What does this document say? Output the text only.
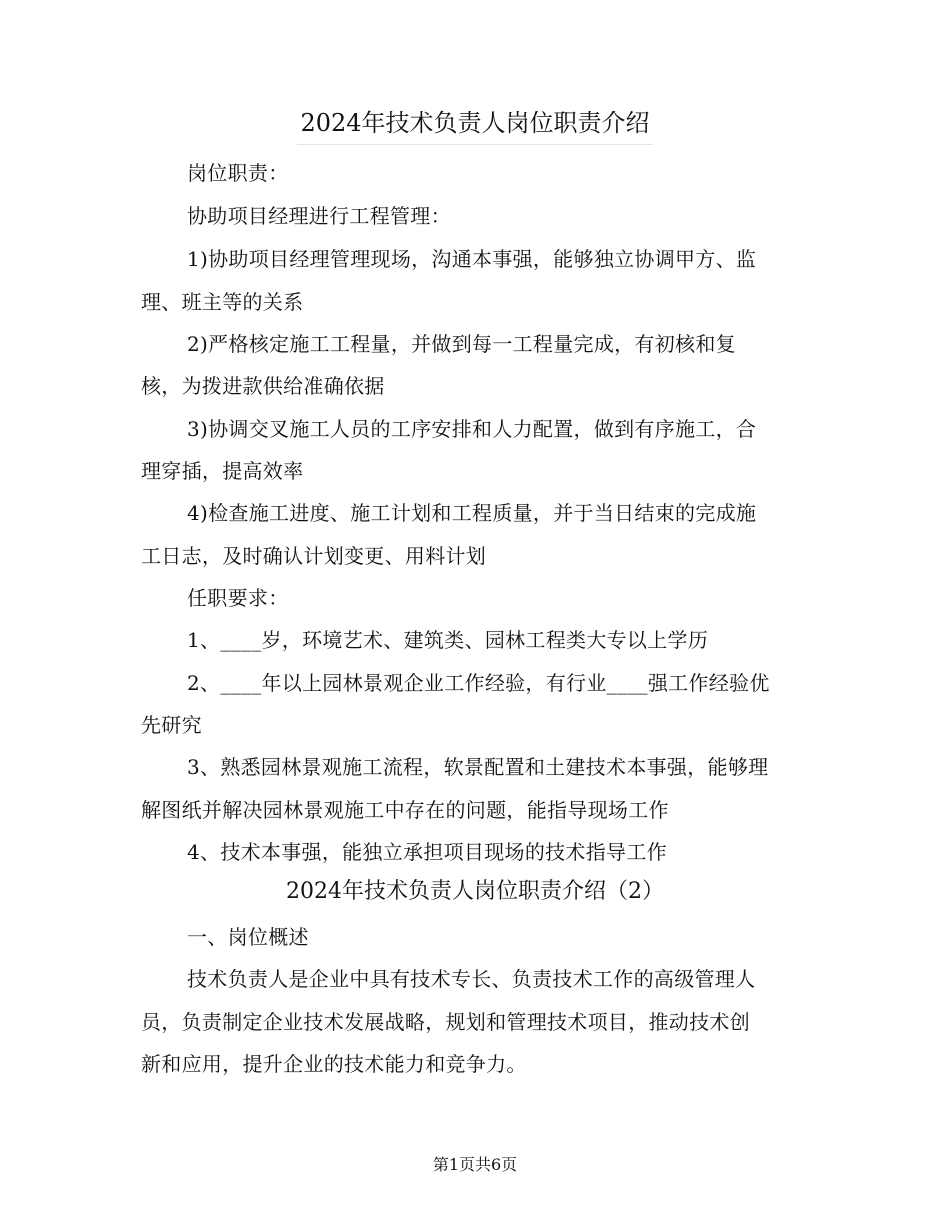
2024年技术负责人岗位职责介绍
岗位职责：
协助项目经理进行工程管理：
1)协助项目经理管理现场，沟通本事强，能够独立协调甲方、监
理、班主等的关系
2)严格核定施工工程量，并做到每一工程量完成，有初核和复
核，为拨进款供给准确依据
3)协调交叉施工人员的工序安排和人力配置，做到有序施工，合
理穿插，提高效率
4)检查施工进度、施工计划和工程质量，并于当日结束的完成施
工日志，及时确认计划变更、用料计划
任职要求：
1、____岁，环境艺术、建筑类、园林工程类大专以上学历
2、____年以上园林景观企业工作经验，有行业____强工作经验优
先研究
3、熟悉园林景观施工流程，软景配置和土建技术本事强，能够理
解图纸并解决园林景观施工中存在的问题，能指导现场工作
4、技术本事强，能独立承担项目现场的技术指导工作
2024年技术负责人岗位职责介绍（2）
一、岗位概述
技术负责人是企业中具有技术专长、负责技术工作的高级管理人
员，负责制定企业技术发展战略，规划和管理技术项目，推动技术创
新和应用，提升企业的技术能力和竞争力。
第1页共6页
